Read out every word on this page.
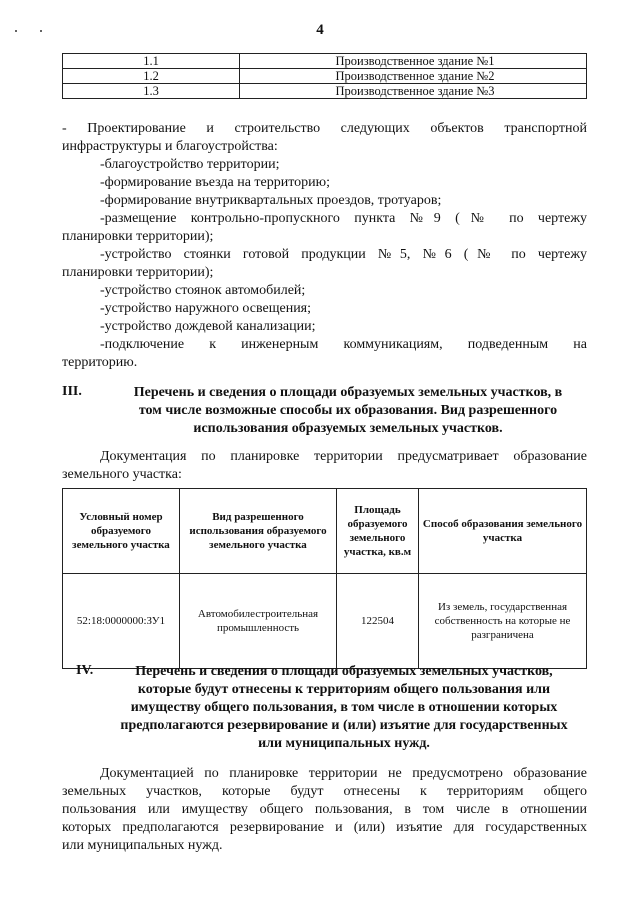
4
1.1	Производственное здание №1
1.2	Производственное здание №2
1.3	Производственное здание №3
- Проектирование и строительство следующих объектов транспортной
инфраструктуры и благоустройства:
-благоустройство территории;
-формирование въезда на территорию;
-формирование внутриквартальных проездов, тротуаров;
-размещение контрольно-пропускного пункта №9 (№ по чертежу
планировки территории);
-устройство стоянки готовой продукции №5, №6 (№ по чертежу
планировки территории);
-устройство стоянок автомобилей;
-устройство наружного освещения;
-устройство дождевой канализации;
-подключение к инженерным коммуникациям, подведенным на
территорию.
III.	Перечень и сведения о площади образуемых земельных участков, в
том числе возможные способы их образования. Вид разрешенного
использования образуемых земельных участков.
Документация по планировке территории предусматривает образование
земельного участка:
Условный номер образуемого земельного участка	Вид разрешенного использования образуемого земельного участка	Площадь образуемого земельного участка, кв.м	Способ образования земельного участка
52:18:0000000:ЗУ1	Автомобилестроительная промышленность	122504	Из земель, государственная собственность на которые не разграничена
IV.	Перечень и сведения о площади образуемых земельных участков,
которые будут отнесены к территориям общего пользования или
имуществу общего пользования, в том числе в отношении которых
предполагаются резервирование и (или) изъятие для государственных
или муниципальных нужд.
Документацией по планировке территории не предусмотрено образование
земельных участков, которые будут отнесены к территориям общего
пользования или имуществу общего пользования, в том числе в отношении
которых предполагаются резервирование и (или) изъятие для государственных
или муниципальных нужд.
